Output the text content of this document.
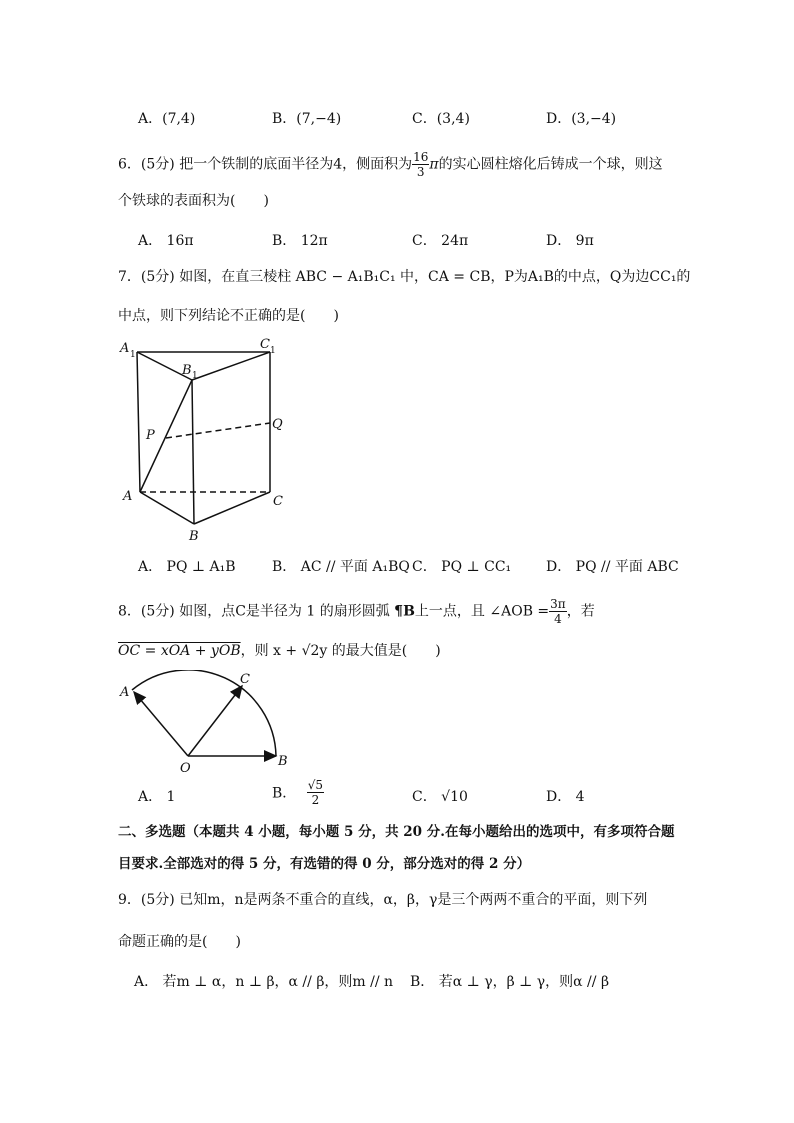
A．(7,4)	B．(7,−4)	C．(3,4)	D．(3,−4)
6．(5分) 把一个铁制的底面半径为4，侧面积为 $\frac{16}{3}$ π的实心圆柱熔化后铸成一个球，则这
个铁球的表面积为(　　)
A． 16π	B． 12π	C． 24π	D． 9π
7．(5分) 如图，在直三棱柱 ABC − A₁B₁C₁ 中，CA = CB，P为A₁B的中点，Q为边CC₁的
中点，则下列结论不正确的是(　　)
A 1
C 1
B 1
P
Q
A	C
B
A． PQ ⊥ A₁B	B． AC // 平面 A₁BQ C． PQ ⊥ CC₁ D． PQ // 平面 ABC
8．(5分) 如图，点C是半径为 1 的扇形圆弧 ¶B上一点，且 ∠AOB = $\frac{3\pi}{4}$ ，若
OC = xOA + yOB，则 x + √2y 的最大值是(　　)
A
C
O	B
A． 1	B． $\frac{√5}{2}$	C． √10	D． 4
二、多选题（本题共 4 小题，每小题 5 分，共 20 分.在每小题给出的选项中，有多项符合题
目要求.全部选对的得 5 分，有选错的得 0 分，部分选对的得 2 分）
9．(5分) 已知m，n是两条不重合的直线，α，β，γ是三个两两不重合的平面，则下列
命题正确的是(　　)
A． 若m ⊥ α，n ⊥ β，α // β，则m // n B． 若α ⊥ γ，β ⊥ γ，则α // β
